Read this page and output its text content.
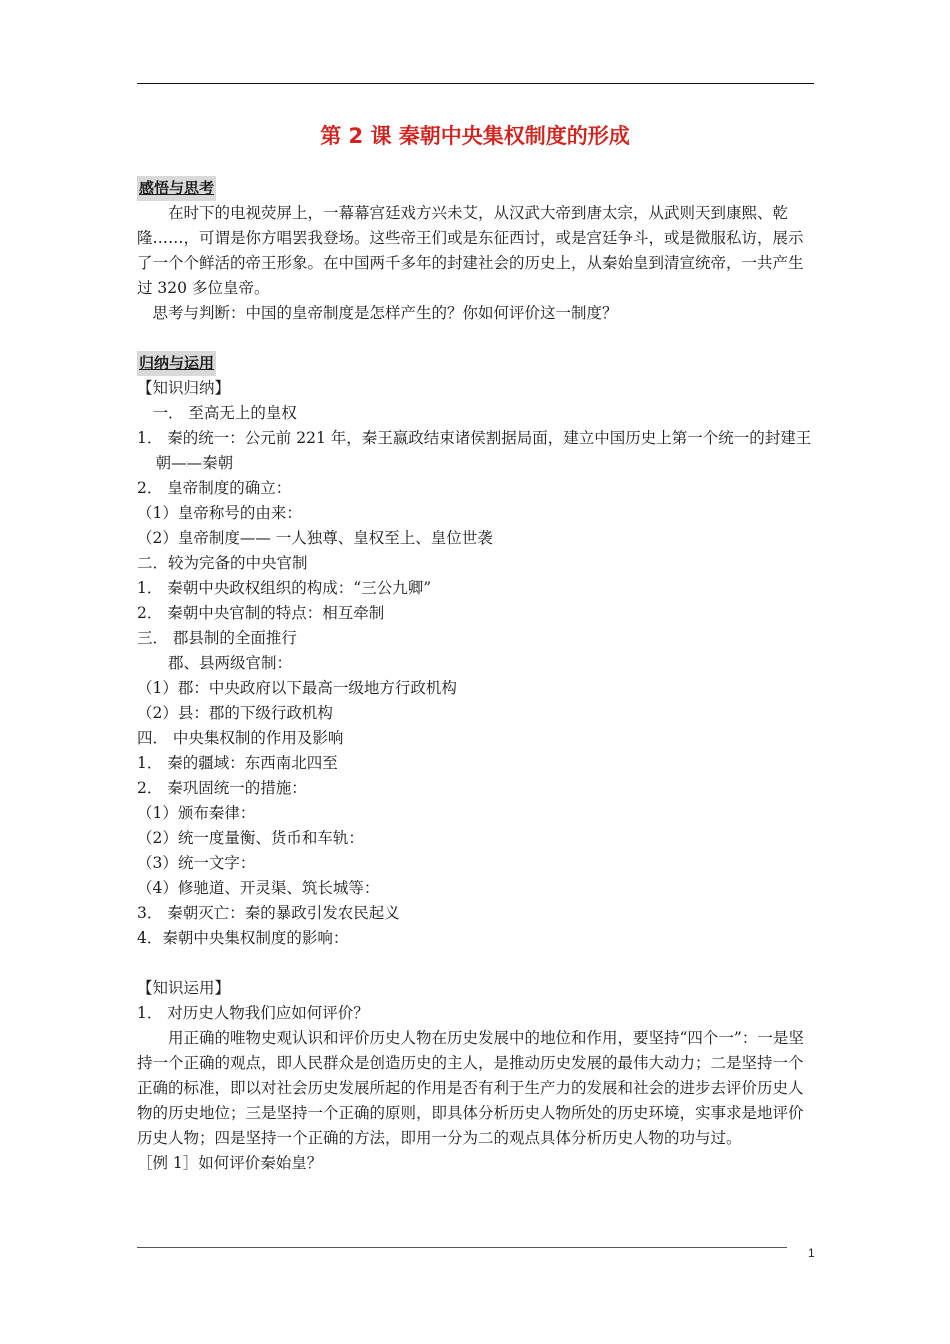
第 2 课 秦朝中央集权制度的形成

感悟与思考

在时下的电视荧屏上，一幕幕宫廷戏方兴未艾，从汉武大帝到唐太宗，从武则天到康熙、乾隆……，可谓是你方唱罢我登场。这些帝王们或是东征西讨，或是宫廷争斗，或是微服私访，展示了一个个鲜活的帝王形象。在中国两千多年的封建社会的历史上，从秦始皇到清宣统帝，一共产生过 320 多位皇帝。

思考与判断：中国的皇帝制度是怎样产生的？你如何评价这一制度？

归纳与运用

【知识归纳】

一． 至高无上的皇权

1． 秦的统一：公元前 221 年，秦王嬴政结束诸侯割据局面，建立中国历史上第一个统一的封建王朝——秦朝

2． 皇帝制度的确立：

（1）皇帝称号的由来：

（2）皇帝制度—— 一人独尊、皇权至上、皇位世袭

二．较为完备的中央官制

1． 秦朝中央政权组织的构成：“三公九卿”

2． 秦朝中央官制的特点：相互牵制

三． 郡县制的全面推行

郡、县两级官制：

（1）郡：中央政府以下最高一级地方行政机构

（2）县：郡的下级行政机构

四． 中央集权制的作用及影响

1． 秦的疆域：东西南北四至

2． 秦巩固统一的措施：

（1）颁布秦律：

（2）统一度量衡、货币和车轨：

（3）统一文字：

（4）修驰道、开灵渠、筑长城等：

3． 秦朝灭亡：秦的暴政引发农民起义

4．秦朝中央集权制度的影响：

【知识运用】

1． 对历史人物我们应如何评价？

用正确的唯物史观认识和评价历史人物在历史发展中的地位和作用，要坚持“四个一”：一是坚持一个正确的观点，即人民群众是创造历史的主人，是推动历史发展的最伟大动力；二是坚持一个正确的标准，即以对社会历史发展所起的作用是否有利于生产力的发展和社会的进步去评价历史人物的历史地位；三是坚持一个正确的原则，即具体分析历史人物所处的历史环境，实事求是地评价历史人物；四是坚持一个正确的方法，即用一分为二的观点具体分析历史人物的功与过。

［例 1］如何评价秦始皇？

1
